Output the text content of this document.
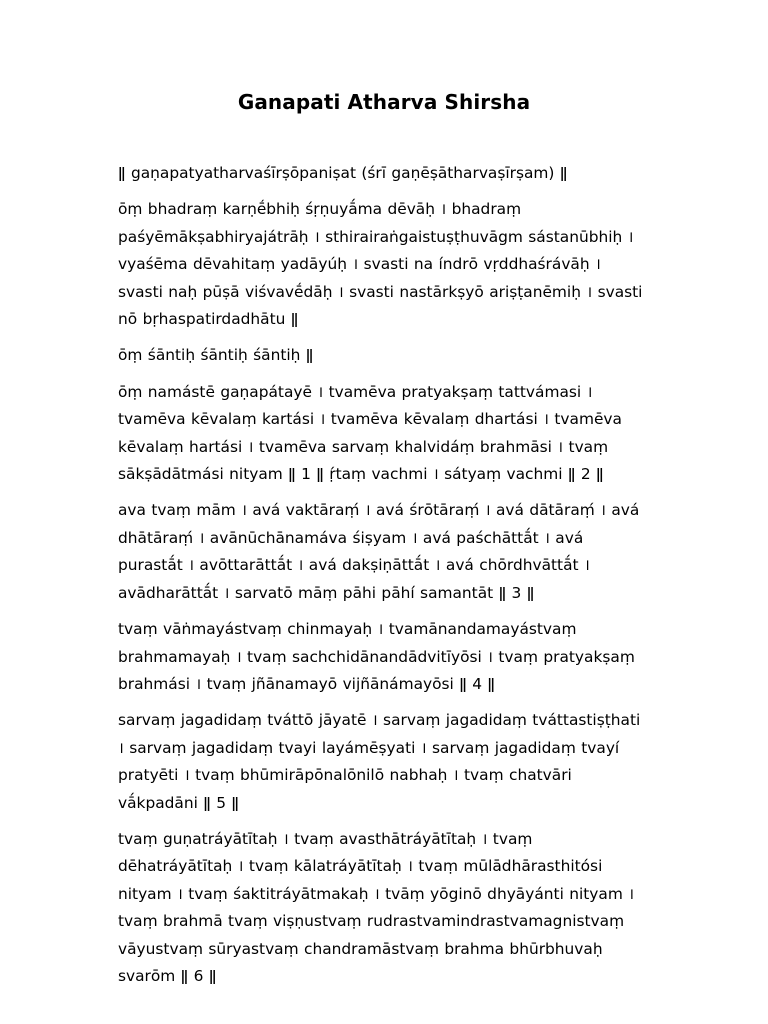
Ganapati Atharva Shirsha

ǁ gaṇapatyatharvaśīrṣōpaniṣat (śrī gaṇēṣātharvaṣīrṣam) ǁ

ōṃ bhadraṃ karṇḗbhiḥ śṛṇuyā́ma dēvāḥ । bhadraṃ paśyēmākṣabhiryajátrāḥ । sthirairaṅgaistuṣṭhuvāgm sástanūbhiḥ । vyaśēma dēvahitaṃ yadāyúḥ । svasti na índrō vṛddhaśrávāḥ । svasti naḥ pūṣā viśvavḗdāḥ । svasti nastārkṣyō ariṣṭanēmiḥ । svasti nō bṛhaspatirdadhātu ǁ

ōṃ śāntiḥ śāntiḥ śāntiḥ ǁ

ōṃ namástē gaṇapátayē । tvamēva pratyakṣaṃ tattvámasi । tvamēva kēvalaṃ kartási । tvamēva kēvalaṃ dhartási । tvamēva kēvalaṃ hartási । tvamēva sarvaṃ khalvidáṃ brahmāsi । tvaṃ sākṣādātmási nityam ǁ 1 ǁ ṛ́taṃ vachmi । sátyaṃ vachmi ǁ 2 ǁ

ava tvaṃ mām । avá vaktāraṃ́ । avá śrōtāraṃ́ । avá dātāraṃ́ । avá dhātāraṃ́ । avānūchānamáva śiṣyam । avá paśchāttā́t । avá purastā́t । avōttarāttā́t । avá dakṣiṇāttā́t । avá chōrdhvāttā́t । avādharāttā́t । sarvatō māṃ pāhi pāhí samantāt ǁ 3 ǁ

tvaṃ vāṅmayástvaṃ chinmayaḥ । tvamānandamayástvaṃ brahmamayaḥ । tvaṃ sachchidānandādvitīyōsi । tvaṃ pratyakṣaṃ brahmási । tvaṃ jñānamayō vijñānámayōsi ǁ 4 ǁ

sarvaṃ jagadidaṃ tváttō jāyatē । sarvaṃ jagadidaṃ tváttastiṣṭhati । sarvaṃ jagadidaṃ tvayi layámēṣyati । sarvaṃ jagadidaṃ tvayí pratyēti । tvaṃ bhūmirāpōnalōnilō nabhaḥ । tvaṃ chatvāri vā́kpadāni ǁ 5 ǁ

tvaṃ guṇatráyātītaḥ । tvaṃ avasthātráyātītaḥ । tvaṃ dēhatráyātītaḥ । tvaṃ kālatráyātītaḥ । tvaṃ mūlādhārasthitósi nityam । tvaṃ śaktitráyātmakaḥ । tvāṃ yōginō dhyāyánti nityam । tvaṃ brahmā tvaṃ viṣṇustvaṃ rudrastvamindrastvamagnistvaṃ vāyustvaṃ sūryastvaṃ chandramāstvaṃ brahma bhūrbhuvaḥ svarōm ǁ 6 ǁ
